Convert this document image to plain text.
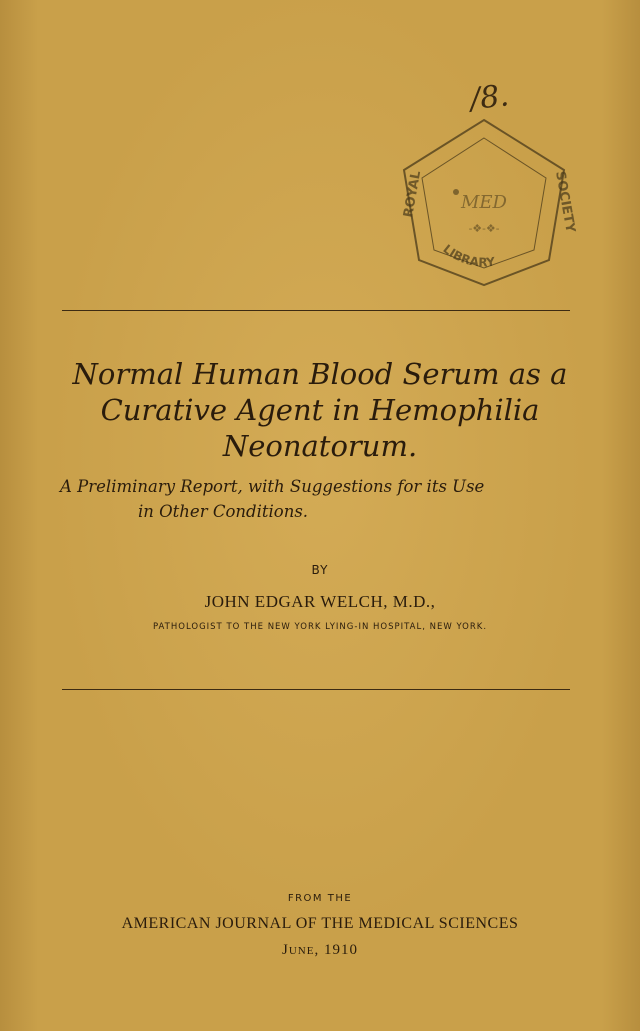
/8.
ROYAL	SOCIETY
LIBRARY
MED
-❖-❖-
Normal Human Blood Serum as a
Curative Agent in Hemophilia
Neonatorum.
A Preliminary Report, with Suggestions for its Use
in Other Conditions.
BY
JOHN EDGAR WELCH, M.D.,
PATHOLOGIST TO THE NEW YORK LYING-IN HOSPITAL, NEW YORK.
FROM THE
AMERICAN JOURNAL OF THE MEDICAL SCIENCES
June, 1910
